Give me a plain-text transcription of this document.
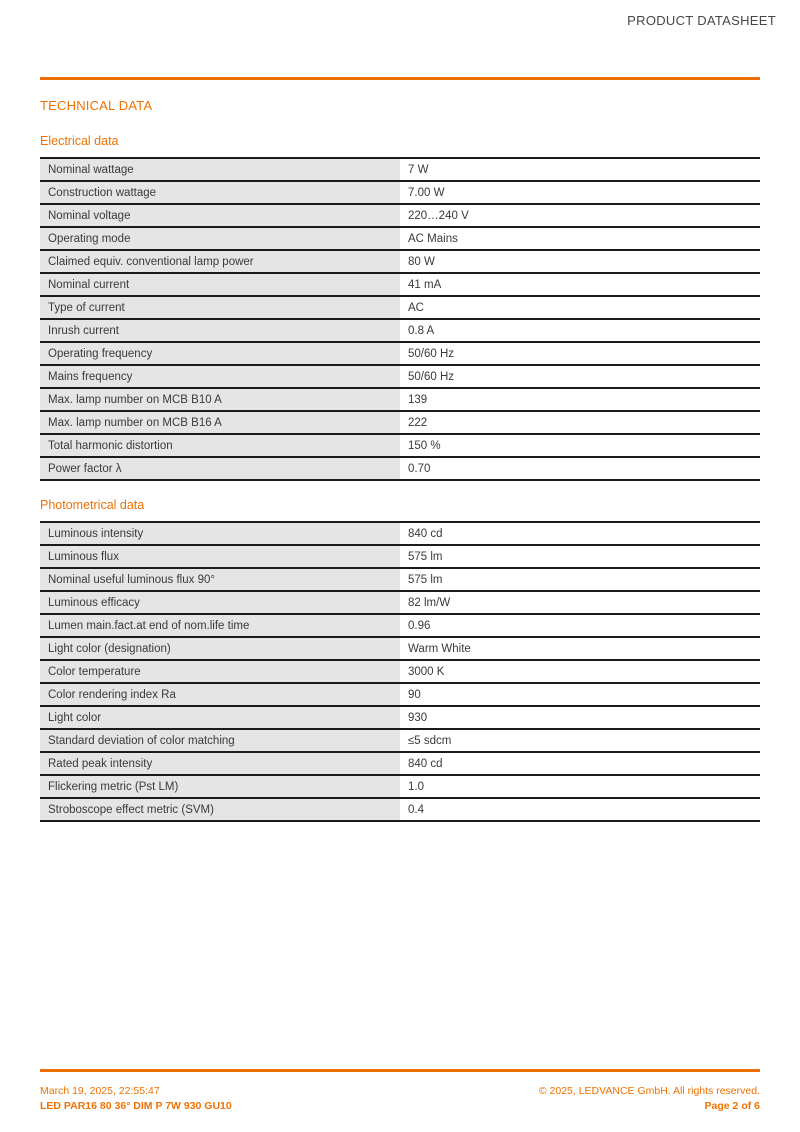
PRODUCT DATASHEET
TECHNICAL DATA
Electrical data
Nominal wattage	7 W
Construction wattage	7.00 W
Nominal voltage	220…240 V
Operating mode	AC Mains
Claimed equiv. conventional lamp power	80 W
Nominal current	41 mA
Type of current	AC
Inrush current	0.8 A
Operating frequency	50/60 Hz
Mains frequency	50/60 Hz
Max. lamp number on MCB B10 A	139
Max. lamp number on MCB B16 A	222
Total harmonic distortion	150 %
Power factor λ	0.70
Photometrical data
Luminous intensity	840 cd
Luminous flux	575 lm
Nominal useful luminous flux 90°	575 lm
Luminous efficacy	82 lm/W
Lumen main.fact.at end of nom.life time	0.96
Light color (designation)	Warm White
Color temperature	3000 K
Color rendering index Ra	90
Light color	930
Standard deviation of color matching	≤5 sdcm
Rated peak intensity	840 cd
Flickering metric (Pst LM)	1.0
Stroboscope effect metric (SVM)	0.4
March 19, 2025, 22:55:47
LED PAR16 80 36° DIM P 7W 930 GU10
© 2025, LEDVANCE GmbH. All rights reserved.
Page 2 of 6
